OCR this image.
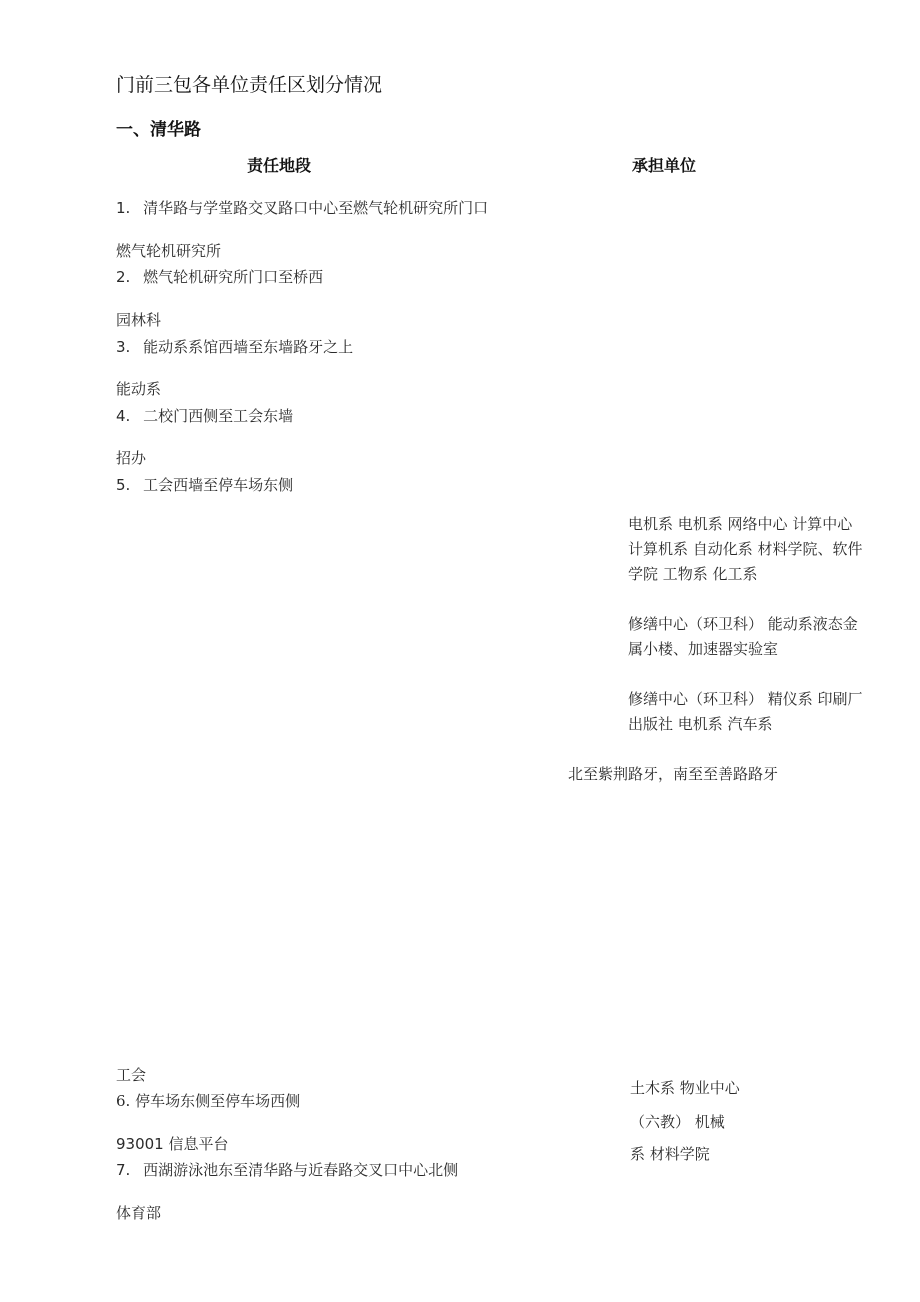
门前三包各单位责任区划分情况
一、清华路
责任地段	承担单位
1. 清华路与学堂路交叉路口中心至燃气轮机研究所门口
燃气轮机研究所
2. 燃气轮机研究所门口至桥西
园林科
3. 能动系系馆西墙至东墙路牙之上
能动系
4. 二校门西侧至工会东墙
招办
5. 工会西墙至停车场东侧
电机系 电机系 网络中心 计算中心
计算机系 自动化系 材料学院、软件
学院 工物系 化工系
修缮中心（环卫科） 能动系液态金
属小楼、加速器实验室
修缮中心（环卫科） 精仪系 印刷厂
出版社 电机系 汽车系
北至紫荆路牙，南至至善路路牙
工会
6. 停车场东侧至停车场西侧
93001 信息平台
7. 西湖游泳池东至清华路与近春路交叉口中心北侧
体育部
土木系 物业中心
（六教） 机械
系 材料学院
